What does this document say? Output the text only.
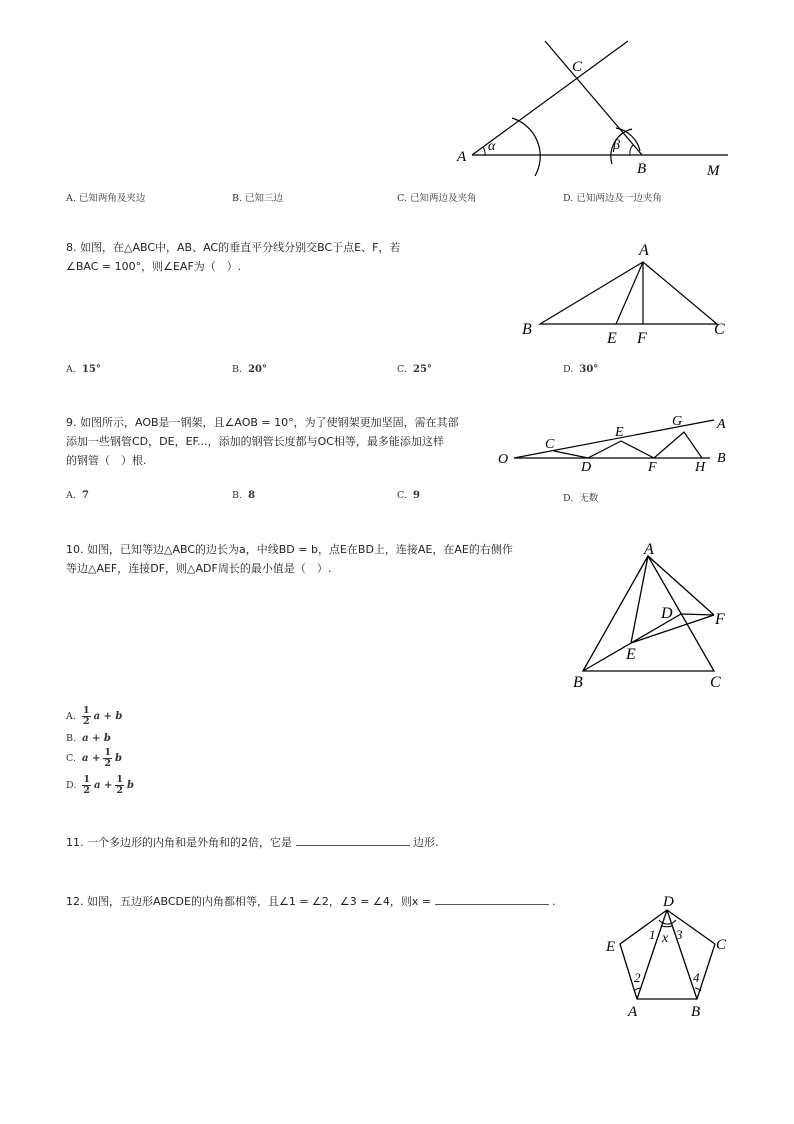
A
α
C
β
B	M
A. 已知两角及夹边	B. 已知三边	C. 已知两边及夹角	D. 已知两边及一边夹角
8. 如图，在△ABC中，AB、AC的垂直平分线分别交BC于点E、F，若
∠BAC = 100°，则∠EAF为（　）.
A
B	C
E F
A. 15°	B. 20°	C. 25°	D. 30°
9. 如图所示，AOB是一钢架，且∠AOB = 10°，为了使钢架更加坚固，需在其部
添加一些钢管CD，DE，EF...，添加的钢管长度都与OC相等，最多能添加这样
的钢管（　）根.	O
C
D
E
F
G
H
A
B
A. 7	B. 8	C. 9	D. 无数
10. 如图，已知等边△ABC的边长为a，中线BD = b，点E在BD上，连接AE，在AE的右侧作
等边△AEF，连接DF，则△ADF周长的最小值是（　）.
A
B	C
D
E
F
A. $\frac{1}{2}$ a + b
B. a + b
C. $a + \frac{1}{2}$ b
D. $\frac{1}{2}$ $a + \frac{1}{2}$ b
11. 一个多边形的内角和是外角和的2倍，它是	边形.
12. 如图，五边形ABCDE的内角都相等，且∠1 = ∠2，∠3 = ∠4，则x =	.	D
E	C
A	B
1 x 3
2	4
